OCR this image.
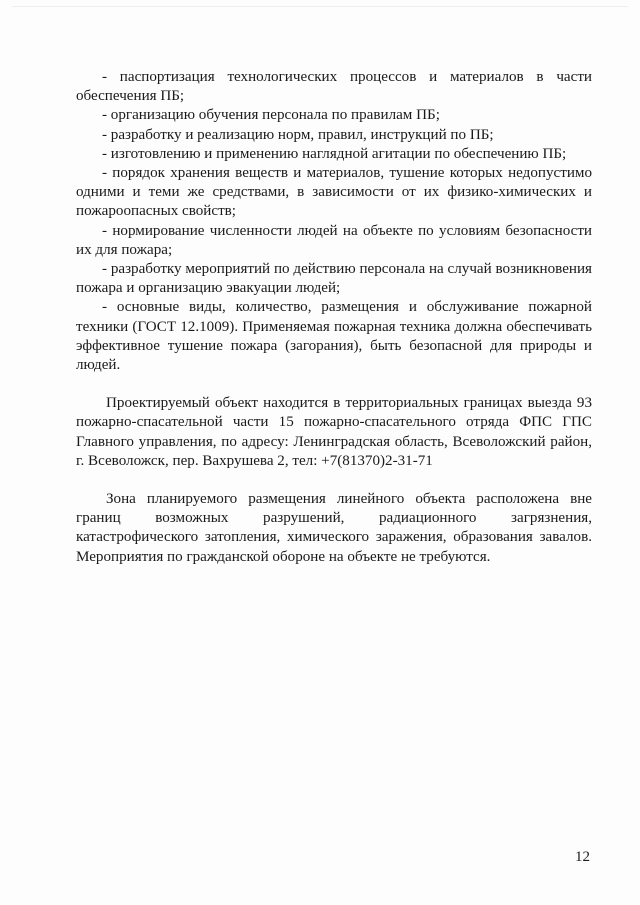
- паспортизация технологических процессов и материалов в части обеспечения ПБ;

- организацию обучения персонала по правилам ПБ;

- разработку и реализацию норм, правил, инструкций по ПБ;

- изготовлению и применению наглядной агитации по обеспечению ПБ;

- порядок хранения веществ и материалов, тушение которых недопустимо одними и теми же средствами, в зависимости от их физико-химических и пожароопасных свойств;

- нормирование численности людей на объекте по условиям безопасности их для пожара;

- разработку мероприятий по действию персонала на случай возникновения пожара и организацию эвакуации людей;

- основные виды, количество, размещения и обслуживание пожарной техники (ГОСТ 12.1009). Применяемая пожарная техника должна обеспечивать эффективное тушение пожара (загорания), быть безопасной для природы и людей.

Проектируемый объект находится в территориальных границах выезда 93 пожарно-спасательной части 15 пожарно-спасательного отряда ФПС ГПС Главного управления, по адресу: Ленинградская область, Всеволожский район, г. Всеволожск, пер. Вахрушева 2, тел: +7(81370)2-31-71

Зона планируемого размещения линейного объекта расположена вне границ возможных разрушений, радиационного загрязнения, катастрофического затопления, химического заражения, образования завалов. Мероприятия по гражданской обороне на объекте не требуются.

12
